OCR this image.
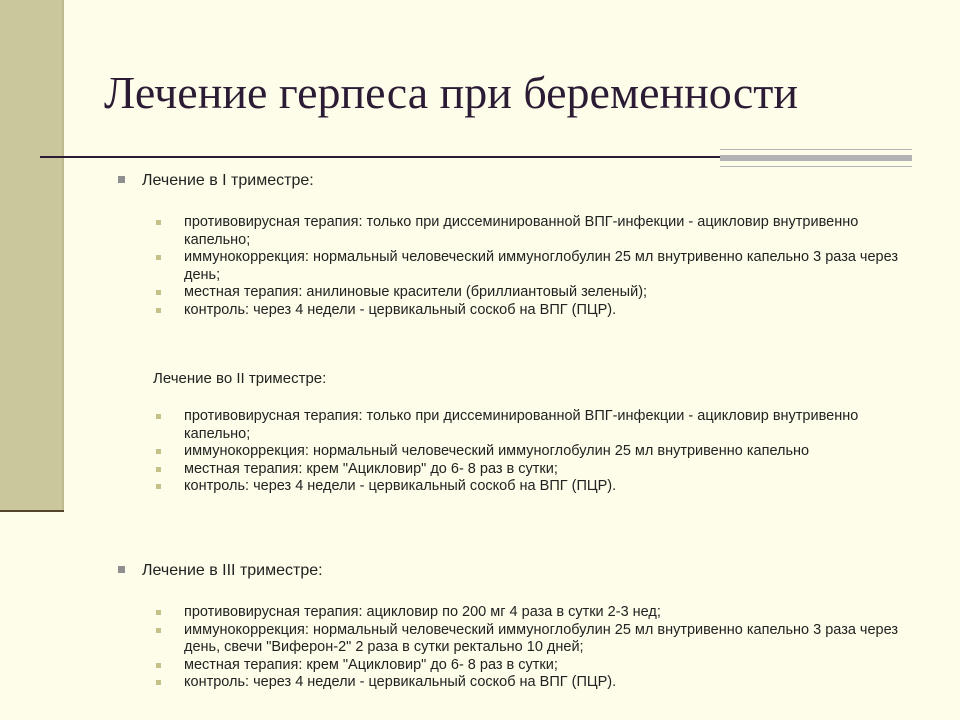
Лечение герпеса при беременности
Лечение в I триместре:
противовирусная терапия: только при диссеминированной ВПГ-инфекции - ацикловир внутривенно капельно;
иммунокоррекция: нормальный человеческий иммуноглобулин 25 мл внутривенно капельно 3 раза через день;
местная терапия: анилиновые красители (бриллиантовый зеленый);
контроль: через 4 недели - цервикальный соскоб на ВПГ (ПЦР).
Лечение во II триместре:
противовирусная терапия: только при диссеминированной ВПГ-инфекции - ацикловир внутривенно капельно;
иммунокоррекция: нормальный человеческий иммуноглобулин 25 мл внутривенно капельно
местная терапия: крем "Ацикловир" до 6- 8 раз в сутки;
контроль: через 4 недели - цервикальный соскоб на ВПГ (ПЦР).
Лечение в III триместре:
противовирусная терапия: ацикловир по 200 мг 4 раза в сутки 2-3 нед;
иммунокоррекция: нормальный человеческий иммуноглобулин 25 мл внутривенно капельно 3 раза через день, свечи "Виферон-2" 2 раза в сутки ректально 10 дней;
местная терапия: крем "Ацикловир" до 6- 8 раз в сутки;
контроль: через 4 недели - цервикальный соскоб на ВПГ (ПЦР).
